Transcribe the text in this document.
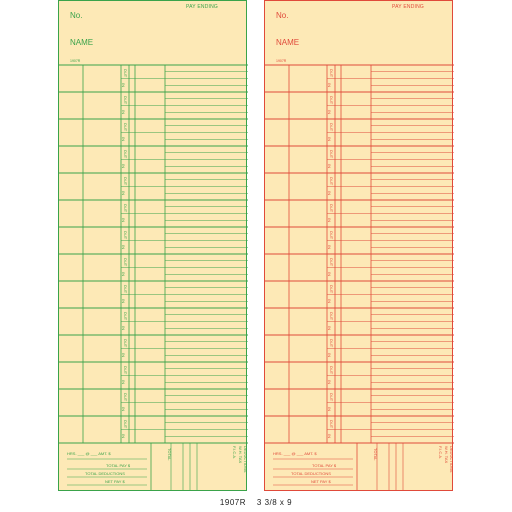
No.
NAME
PAY ENDING
1907R
OUT
IN
OUT
IN
OUT
IN
OUT
IN
OUT
IN
OUT
IN
OUT
IN
OUT
IN
OUT
IN
OUT
IN
OUT
IN
OUT
IN
OUT
IN
OUT
IN
HRS. ___ @ ___ AMT. $
TOTAL PAY $
TOTAL DEDUCTIONS
NET PAY $
TOTAL	F.I.C.A. W.H. TAX DEDUCTIONS
No.
NAME
PAY ENDING
1907R
OUT
IN
OUT
IN
OUT
IN
OUT
IN
OUT
IN
OUT
IN
OUT
IN
OUT
IN
OUT
IN
OUT
IN
OUT
IN
OUT
IN
OUT
IN
OUT
IN
HRS. ___ @ ___ AMT. $
TOTAL PAY $
TOTAL DEDUCTIONS
NET PAY $
TOTAL	F.I.C.A. W.H. TAX DEDUCTIONS
1907R 3 3/8 x 9
